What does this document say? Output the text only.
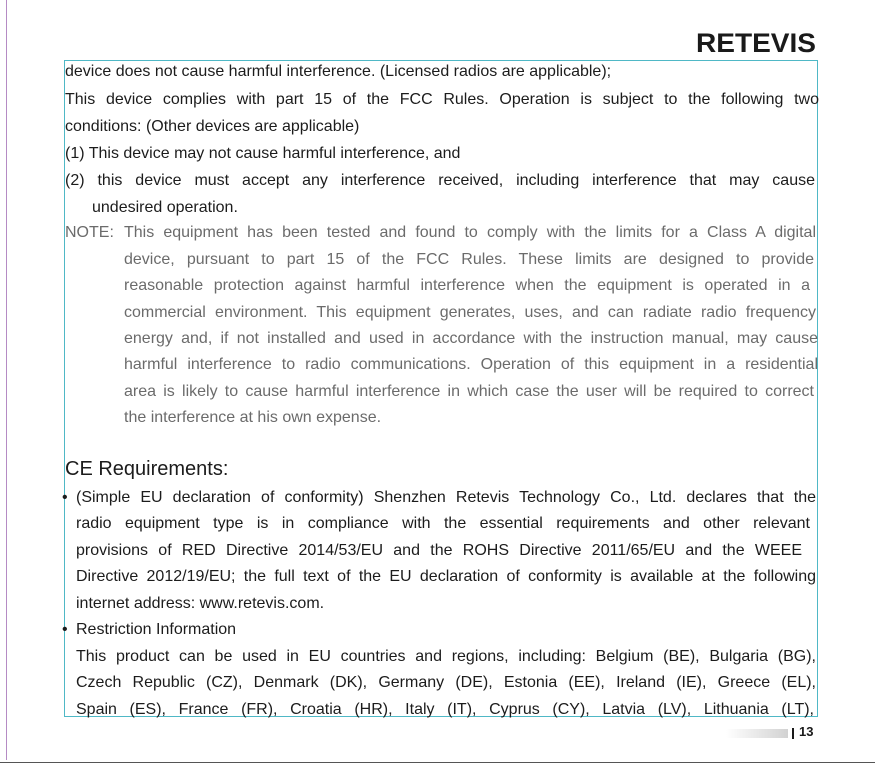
RETEVIS
device does not cause harmful interference. (Licensed radios are applicable);
This device complies with part 15 of the FCC Rules. Operation is subject to the following two
conditions: (Other devices are applicable)
(1) This device may not cause harmful interference, and
(2) this device must accept any interference received, including interference that may cause
undesired operation.
NOTE: This equipment has been tested and found to comply with the limits for a Class A digital
device, pursuant to part 15 of the FCC Rules. These limits are designed to provide
reasonable protection against harmful interference when the equipment is operated in a
commercial environment. This equipment generates, uses, and can radiate radio frequency
energy and, if not installed and used in accordance with the instruction manual, may cause
harmful interference to radio communications. Operation of this equipment in a residential
area is likely to cause harmful interference in which case the user will be required to correct
the interference at his own expense.
CE Requirements:
• (Simple EU declaration of conformity) Shenzhen Retevis Technology Co., Ltd. declares that the
radio equipment type is in compliance with the essential requirements and other relevant
provisions of RED Directive 2014/53/EU and the ROHS Directive 2011/65/EU and the WEEE
Directive 2012/19/EU; the full text of the EU declaration of conformity is available at the following
internet address: www.retevis.com.
• Restriction Information
This product can be used in EU countries and regions, including: Belgium (BE), Bulgaria (BG),
Czech Republic (CZ), Denmark (DK), Germany (DE), Estonia (EE), Ireland (IE), Greece (EL),
Spain (ES), France (FR), Croatia (HR), Italy (IT), Cyprus (CY), Latvia (LV), Lithuania (LT),
13
